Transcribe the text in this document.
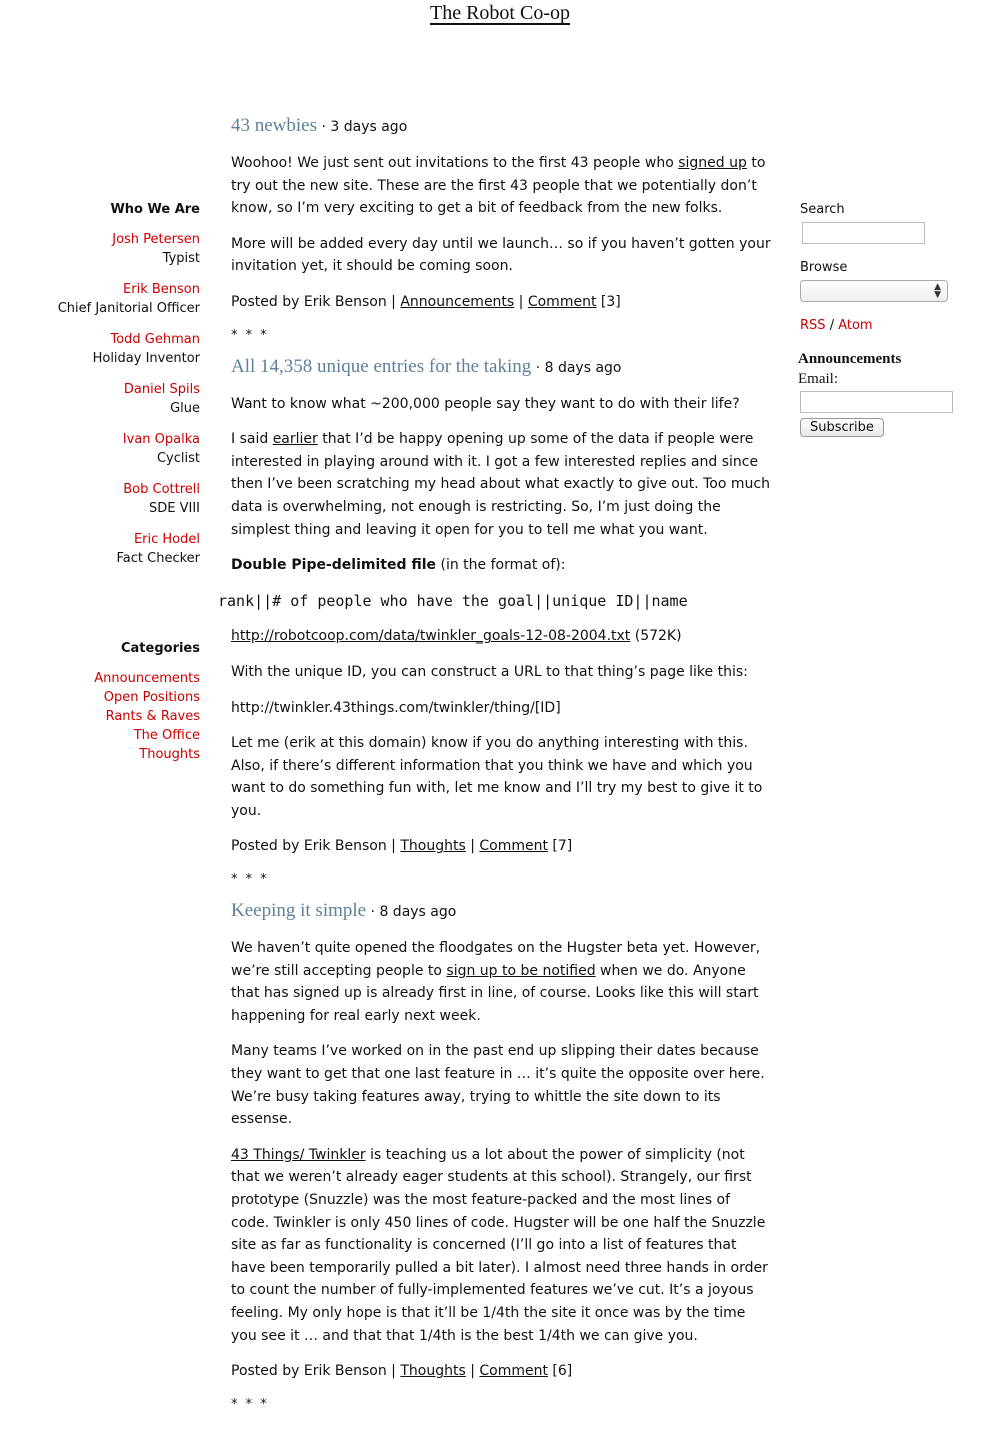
The Robot Co-op
Who We Are
Josh Petersen
Typist
Erik Benson
Chief Janitorial Officer
Todd Gehman
Holiday Inventor
Daniel Spils
Glue
Ivan Opalka
Cyclist
Bob Cottrell
SDE VIII
Eric Hodel
Fact Checker
Categories
Announcements
Open Positions
Rants & Raves
The Office
Thoughts
Search
Browse
▲
▼
RSS / Atom
Announcements
Email:
Subscribe
43 newbies · 3 days ago

Woohoo! We just sent out invitations to the first 43 people who signed up to try out the new site. These are the first 43 people that we potentially don’t know, so I’m very exciting to get a bit of feedback from the new folks.

More will be added every day until we launch… so if you haven’t gotten your invitation yet, it should be coming soon.

Posted by Erik Benson | Announcements | Comment [3]

* * *

All 14,358 unique entries for the taking · 8 days ago

Want to know what ~200,000 people say they want to do with their life?

I said earlier that I’d be happy opening up some of the data if people were interested in playing around with it. I got a few interested replies and since then I’ve been scratching my head about what exactly to give out. Too much data is overwhelming, not enough is restricting. So, I’m just doing the simplest thing and leaving it open for you to tell me what you want.

Double Pipe-delimited file (in the format of):

rank||# of people who have the goal||unique ID||name

http://robotcoop.com/data/twinkler_goals-12-08-2004.txt (572K)

With the unique ID, you can construct a URL to that thing’s page like this:

http://twinkler.43things.com/twinkler/thing/[ID]

Let me (erik at this domain) know if you do anything interesting with this. Also, if there’s different information that you think we have and which you want to do something fun with, let me know and I’ll try my best to give it to you.

Posted by Erik Benson | Thoughts | Comment [7]

* * *

Keeping it simple · 8 days ago

We haven’t quite opened the floodgates on the Hugster beta yet. However, we’re still accepting people to sign up to be notified when we do. Anyone that has signed up is already first in line, of course. Looks like this will start happening for real early next week.

Many teams I’ve worked on in the past end up slipping their dates because they want to get that one last feature in … it’s quite the opposite over here. We’re busy taking features away, trying to whittle the site down to its essense.

43 Things/ Twinkler is teaching us a lot about the power of simplicity (not that we weren’t already eager students at this school). Strangely, our first prototype (Snuzzle) was the most feature-packed and the most lines of code. Twinkler is only 450 lines of code. Hugster will be one half the Snuzzle site as far as functionality is concerned (I’ll go into a list of features that have been temporarily pulled a bit later). I almost need three hands in order to count the number of fully-implemented features we’ve cut. It’s a joyous feeling. My only hope is that it’ll be 1/4th the site it once was by the time you see it … and that that 1/4th is the best 1/4th we can give you.

Posted by Erik Benson | Thoughts | Comment [6]

* * *
